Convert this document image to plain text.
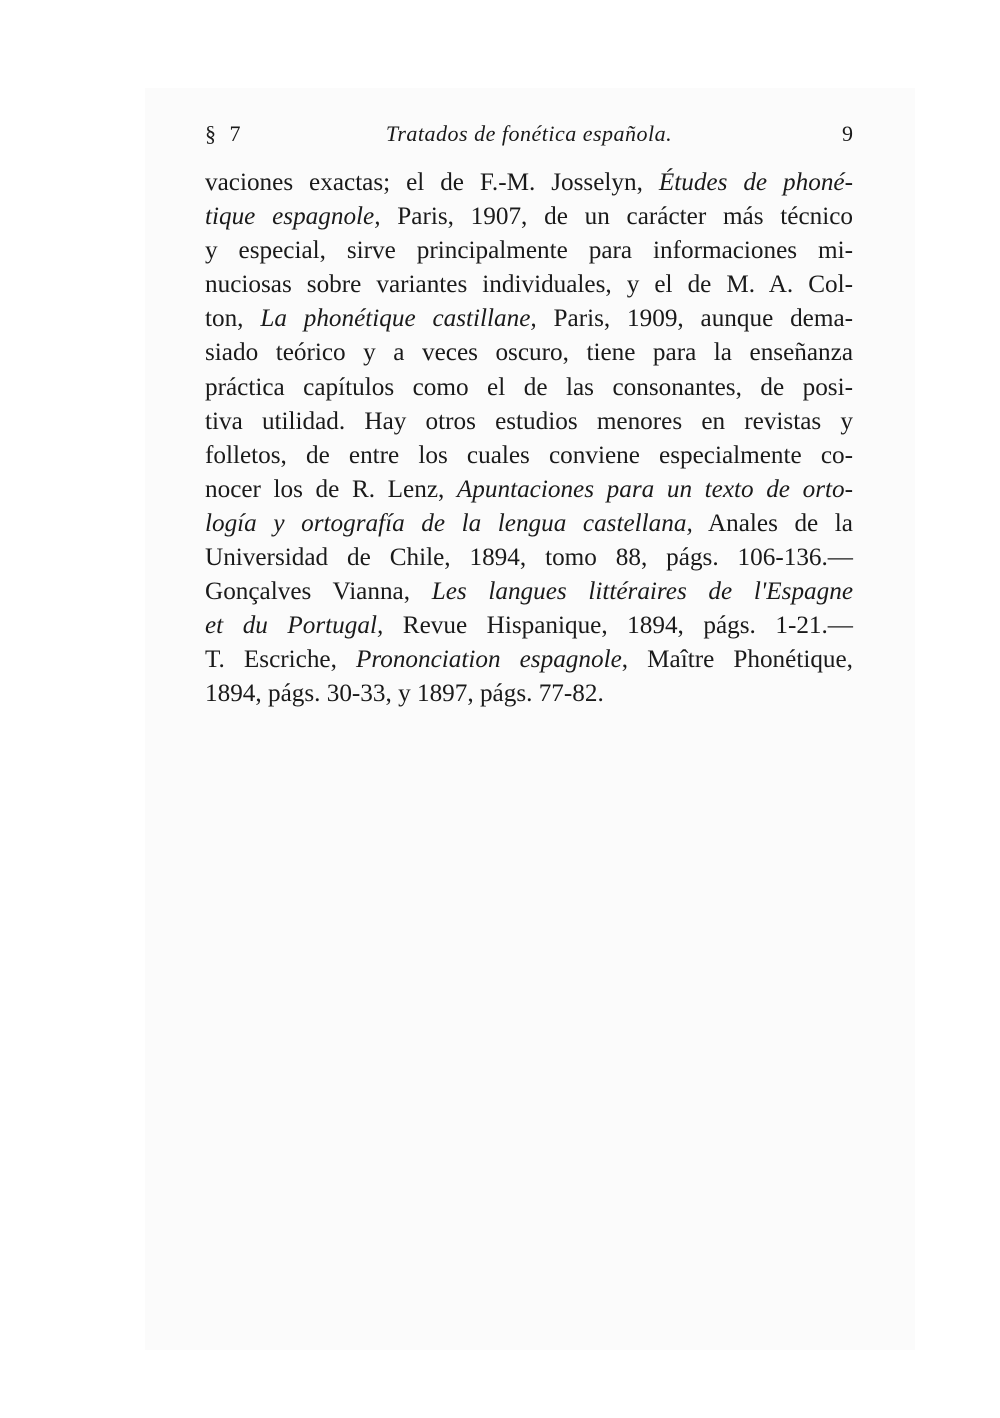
§ 7	Tratados de fonética española.	9
vaciones exactas; el de F.-M. Josselyn, Études de phoné-
tique espagnole, Paris, 1907, de un carácter más técnico
y especial, sirve principalmente para informaciones mi-
nuciosas sobre variantes individuales, y el de M. A. Col-
ton, La phonétique castillane, Paris, 1909, aunque dema-
siado teórico y a veces oscuro, tiene para la enseñanza
práctica capítulos como el de las consonantes, de posi-
tiva utilidad. Hay otros estudios menores en revistas y
folletos, de entre los cuales conviene especialmente co-
nocer los de R. Lenz, Apuntaciones para un texto de orto-
logía y ortografía de la lengua castellana, Anales de la
Universidad de Chile, 1894, tomo 88, págs. 106-136.—
Gonçalves Vianna, Les langues littéraires de l'Espagne
et du Portugal, Revue Hispanique, 1894, págs. 1-21.—
T. Escriche, Prononciation espagnole, Maître Phonétique,
1894, págs. 30-33, y 1897, págs. 77-82.
